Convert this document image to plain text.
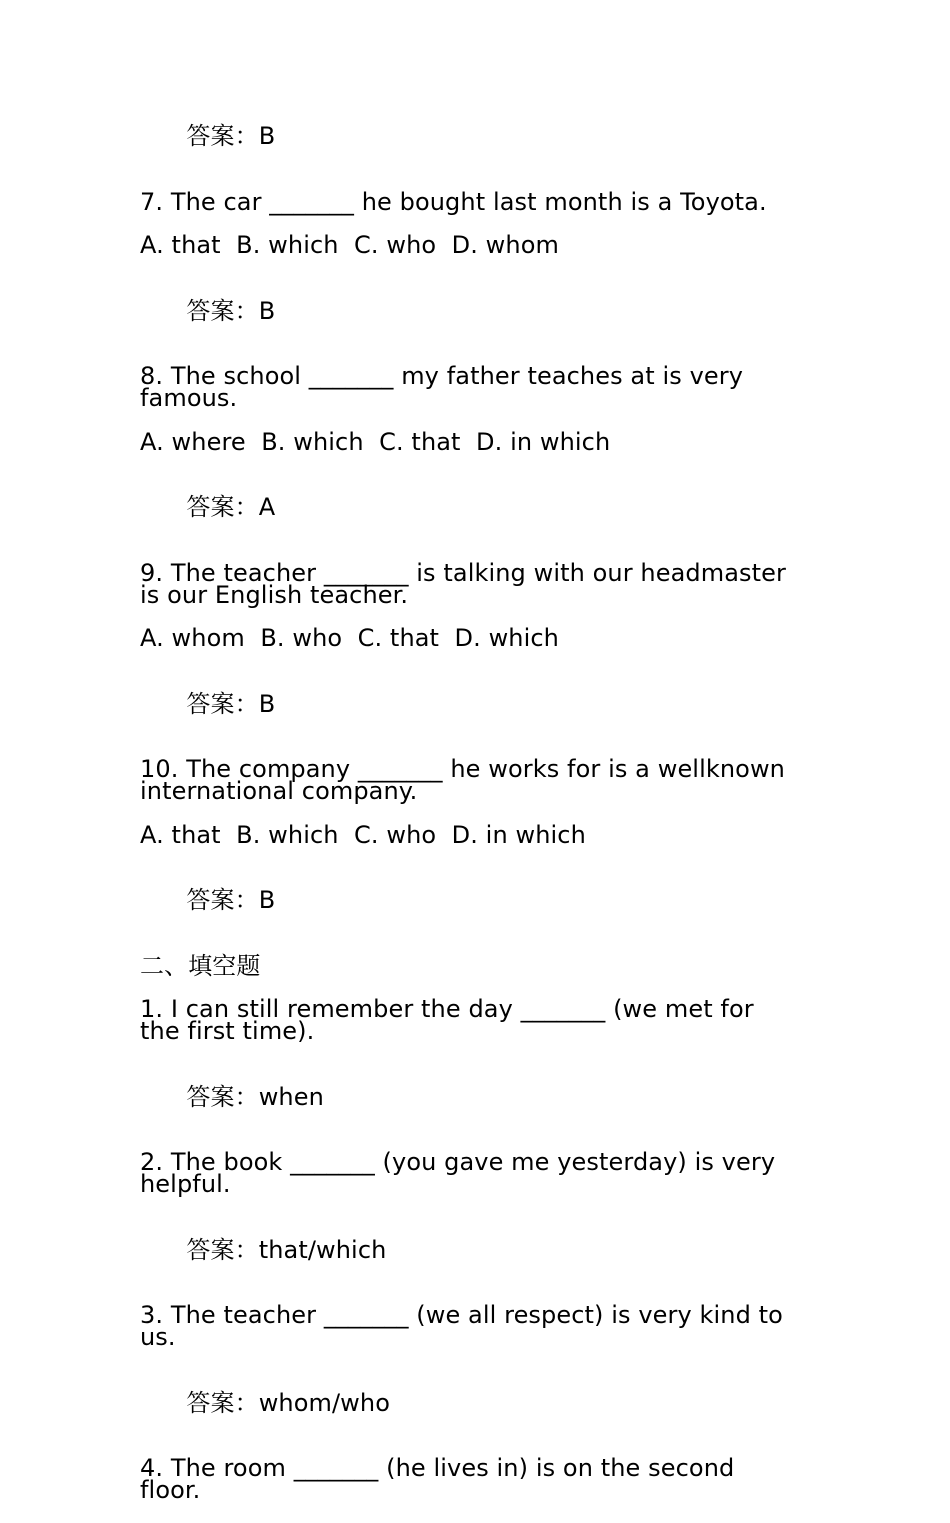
答案：B

7. The car _______ he bought last month is a Toyota.
A. that  B. which  C. who  D. whom

答案：B

8. The school _______ my father teaches at is very famous.
A. where  B. which  C. that  D. in which

答案：A

9. The teacher _______ is talking with our headmaster is our English teacher.
A. whom  B. who  C. that  D. which

答案：B

10. The company _______ he works for is a wellknown international company.
A. that  B. which  C. who  D. in which

答案：B

二、填空题
1. I can still remember the day _______ (we met for the first time).

答案：when

2. The book _______ (you gave me yesterday) is very helpful.

答案：that/which

3. The teacher _______ (we all respect) is very kind to us.

答案：whom/who

4. The room _______ (he lives in) is on the second floor.
